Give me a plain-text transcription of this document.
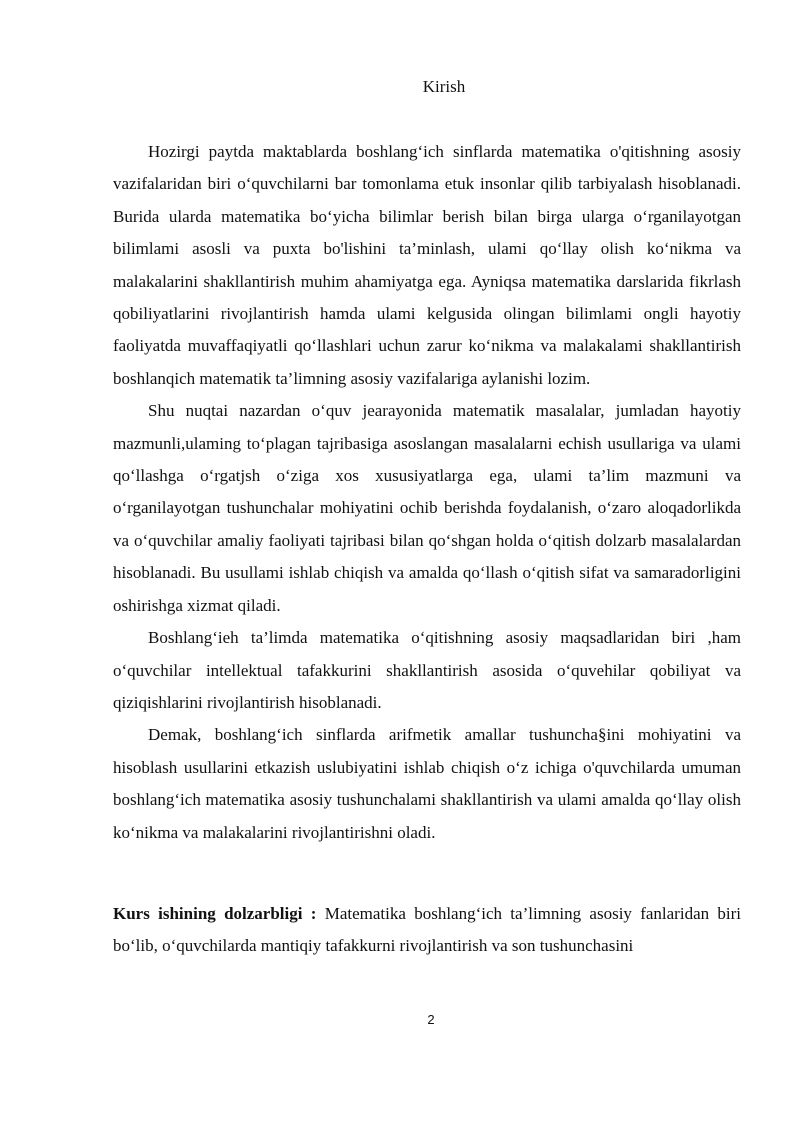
Kirish

Hozirgi paytda maktablarda boshlang‘ich sinflarda matematika o'qitishning asosiy vazifalaridan biri o‘quvchilarni bar tomonlama etuk insonlar qilib tarbiyalash hisoblanadi. Burida ularda matematika bo‘yicha bilimlar berish bilan birga ularga o‘rganilayotgan bilimlami asosli va puxta bo'lishini ta’minlash, ulami qo‘llay olish ko‘nikma va malakalarini shakllantirish muhim ahamiyatga ega. Ayniqsa matematika darslarida fikrlash qobiliyatlarini rivojlantirish hamda ulami kelgusida olingan bilimlami ongli hayotiy faoliyatda muvaffaqiyatli qo‘llashlari uchun zarur ko‘nikma va malakalami shakllantirish boshlanqich matematik ta’limning asosiy vazifalariga aylanishi lozim.

Shu nuqtai nazardan o‘quv jearayonida matematik masalalar, jumladan hayotiy mazmunli,ulaming to‘plagan tajribasiga asoslangan masalalarni echish usullariga va ulami qo‘llashga o‘rgatjsh o‘ziga xos xususiyatlarga ega, ulami ta’lim mazmuni va o‘rganilayotgan tushunchalar mohiyatini ochib berishda foydalanish, o‘zaro aloqadorlikda va o‘quvchilar amaliy faoliyati tajribasi bilan qo‘shgan holda o‘qitish dolzarb masalalardan hisoblanadi. Bu usullami ishlab chiqish va amalda qo‘llash o‘qitish sifat va samaradorligini oshirishga xizmat qiladi.

Boshlang‘ieh ta’limda matematika o‘qitishning asosiy maqsadlaridan biri ,ham o‘quvchilar intellektual tafakkurini shakllantirish asosida o‘quvehilar qobiliyat va qiziqishlarini rivojlantirish hisoblanadi.

Demak, boshlang‘ich sinflarda arifmetik amallar tushuncha§ini mohiyatini va hisoblash usullarini etkazish uslubiyatini ishlab chiqish o‘z ichiga o'quvchilarda umuman boshlang‘ich matematika asosiy tushunchalami shakllantirish va ulami amalda qo‘llay olish ko‘nikma va malakalarini rivojlantirishni oladi.

Kurs ishining dolzarbligi : Matematika boshlang‘ich ta’limning asosiy fanlaridan biri bo‘lib, o‘quvchilarda mantiqiy tafakkurni rivojlantirish va son tushunchasini

2
